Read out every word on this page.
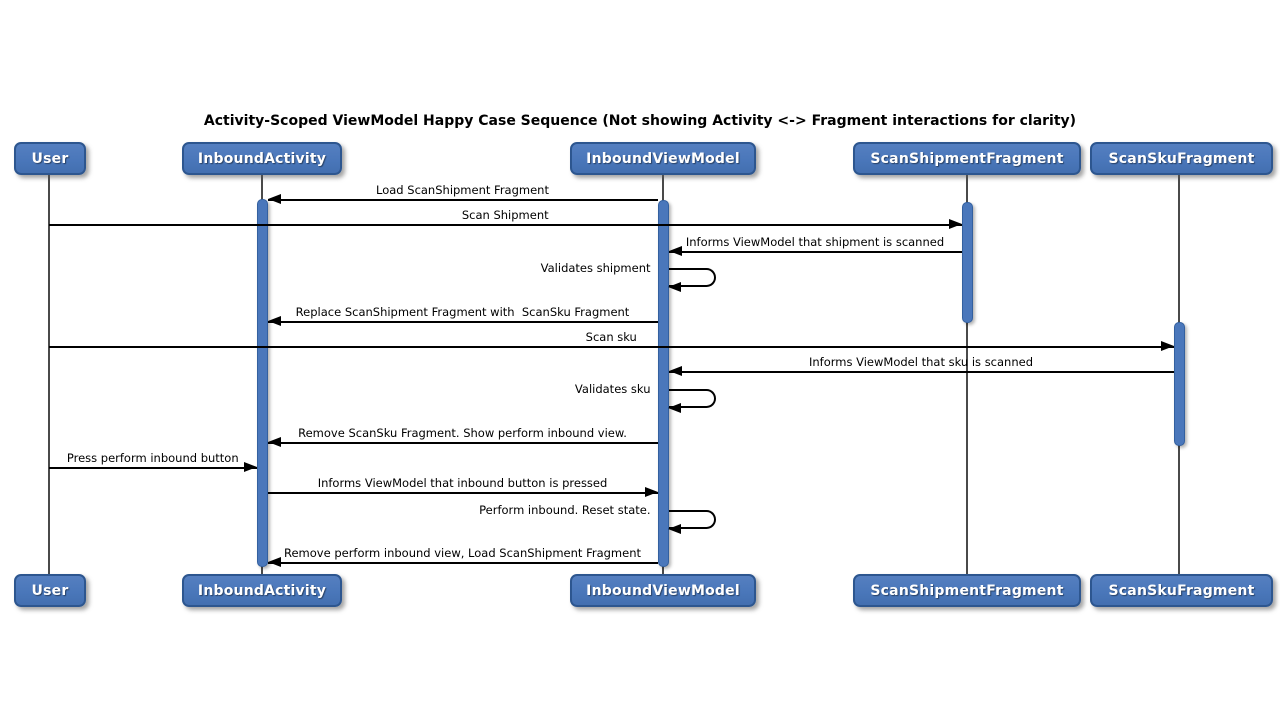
Activity-Scoped ViewModel Happy Case Sequence (Not showing Activity <-> Fragment interactions for clarity)
User
User
InboundActivity
InboundActivity
InboundViewModel
InboundViewModel
ScanShipmentFragment
ScanShipmentFragment
ScanSkuFragment
ScanSkuFragment
Load ScanShipment Fragment
Scan Shipment
Informs ViewModel that shipment is scanned
Validates shipment
Replace ScanShipment Fragment with  ScanSku Fragment
Scan sku
Informs ViewModel that sku is scanned
Validates sku
Remove ScanSku Fragment. Show perform inbound view.
Press perform inbound button
Informs ViewModel that inbound button is pressed
Perform inbound. Reset state.
Remove perform inbound view, Load ScanShipment Fragment
